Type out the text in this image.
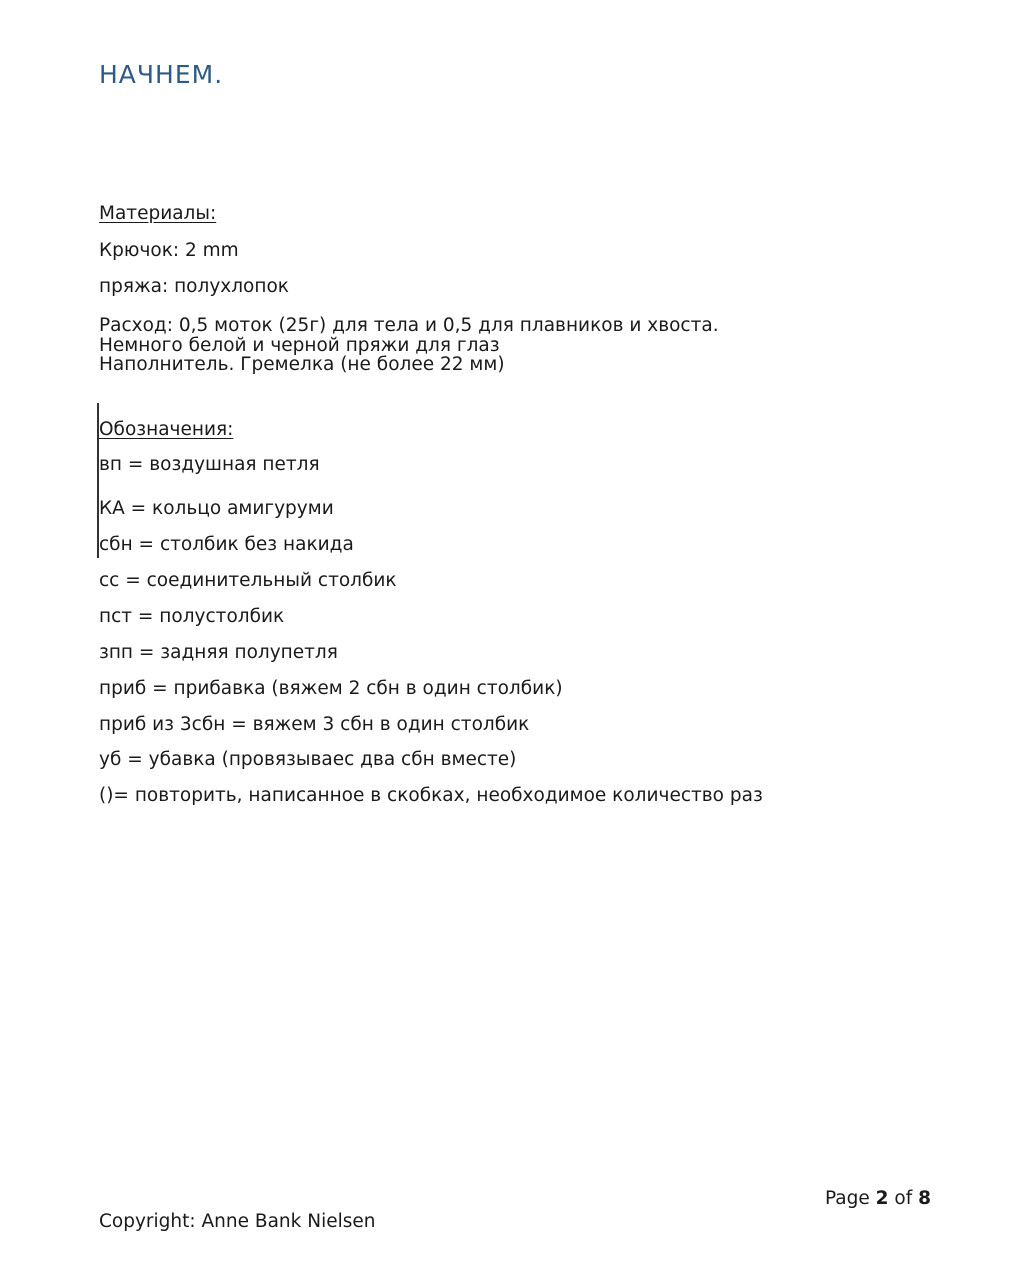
НАЧНЕМ.
Материалы:
Крючок: 2 mm
пряжа: полухлопок
Расход: 0,5 моток (25г) для тела и 0,5 для плавников и хвоста.
Немного белой и черной пряжи для глаз
Наполнитель. Гремелка (не более 22 мм)
Обозначения:
вп = воздушная петля
КА = кольцо амигуруми
сбн = столбик без накида
сс = соединительный столбик
пст = полустолбик
зпп = задняя полупетля
приб = прибавка (вяжем 2 сбн в один столбик)
приб из 3сбн = вяжем 3 сбн в один столбик
уб = убавка (провязываес два сбн вместе)
()= повторить, написанное в скобках, необходимое количество раз
Page 2 of 8
Copyright: Anne Bank Nielsen
